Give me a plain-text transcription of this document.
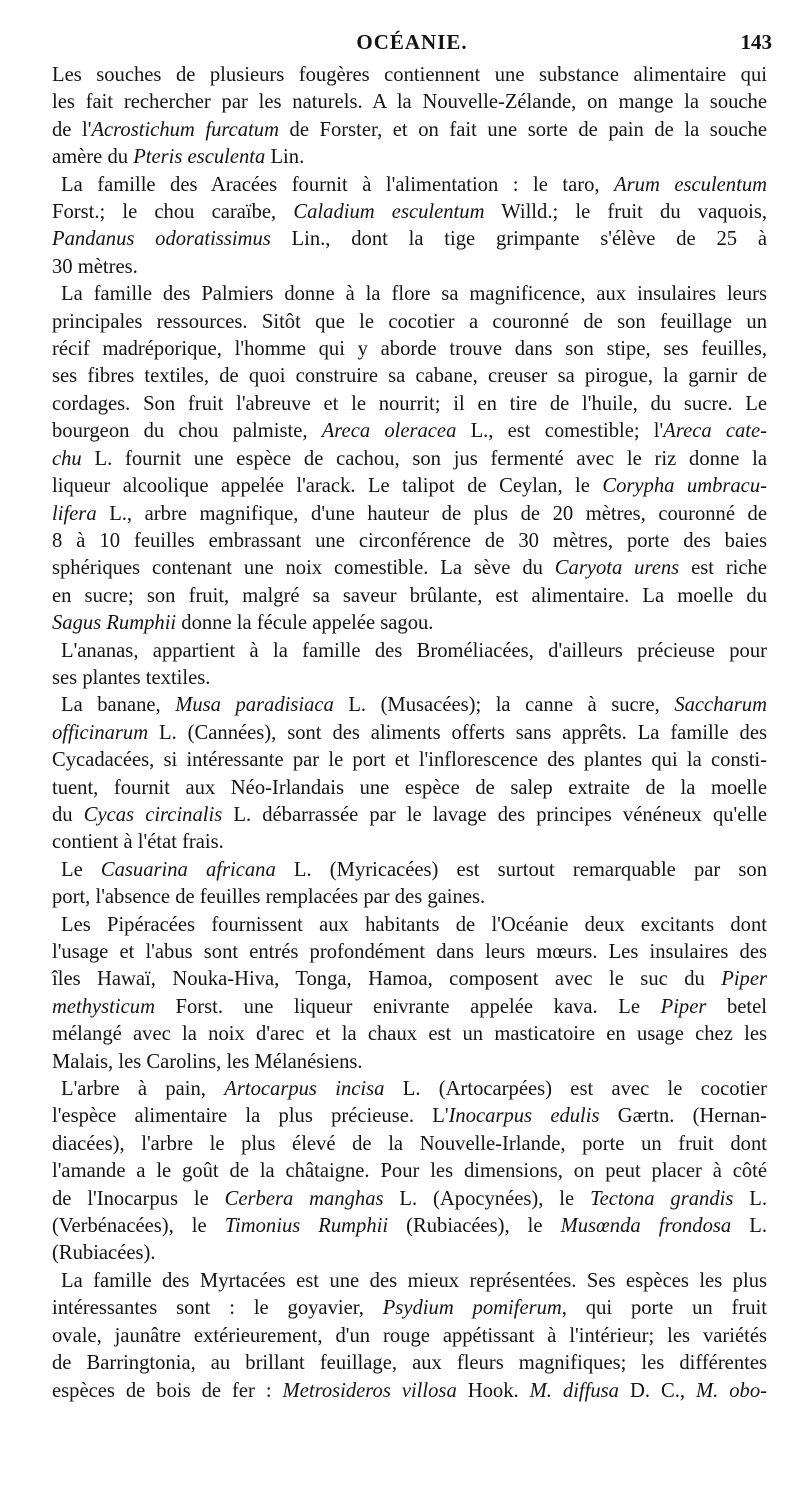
OCÉANIE.	143
Les souches de plusieurs fougères contiennent une substance alimentaire qui
les fait rechercher par les naturels. A la Nouvelle-Zélande, on mange la souche
de l'Acrostichum furcatum de Forster, et on fait une sorte de pain de la souche
amère du Pteris esculenta Lin.
La famille des Aracées fournit à l'alimentation : le taro, Arum esculentum
Forst.; le chou caraïbe, Caladium esculentum Willd.; le fruit du vaquois,
Pandanus odoratissimus Lin., dont la tige grimpante s'élève de 25 à
30 mètres.
La famille des Palmiers donne à la flore sa magnificence, aux insulaires leurs
principales ressources. Sitôt que le cocotier a couronné de son feuillage un
récif madréporique, l'homme qui y aborde trouve dans son stipe, ses feuilles,
ses fibres textiles, de quoi construire sa cabane, creuser sa pirogue, la garnir de
cordages. Son fruit l'abreuve et le nourrit; il en tire de l'huile, du sucre. Le
bourgeon du chou palmiste, Areca oleracea L., est comestible; l'Areca cate-
chu L. fournit une espèce de cachou, son jus fermenté avec le riz donne la
liqueur alcoolique appelée l'arack. Le talipot de Ceylan, le Corypha umbracu-
lifera L., arbre magnifique, d'une hauteur de plus de 20 mètres, couronné de
8 à 10 feuilles embrassant une circonférence de 30 mètres, porte des baies
sphériques contenant une noix comestible. La sève du Caryota urens est riche
en sucre; son fruit, malgré sa saveur brûlante, est alimentaire. La moelle du
Sagus Rumphii donne la fécule appelée sagou.
L'ananas, appartient à la famille des Broméliacées, d'ailleurs précieuse pour
ses plantes textiles.
La banane, Musa paradisiaca L. (Musacées); la canne à sucre, Saccharum
officinarum L. (Cannées), sont des aliments offerts sans apprêts. La famille des
Cycadacées, si intéressante par le port et l'inflorescence des plantes qui la consti-
tuent, fournit aux Néo-Irlandais une espèce de salep extraite de la moelle
du Cycas circinalis L. débarrassée par le lavage des principes vénéneux qu'elle
contient à l'état frais.
Le Casuarina africana L. (Myricacées) est surtout remarquable par son
port, l'absence de feuilles remplacées par des gaines.
Les Pipéracées fournissent aux habitants de l'Océanie deux excitants dont
l'usage et l'abus sont entrés profondément dans leurs mœurs. Les insulaires des
îles Hawaï, Nouka-Hiva, Tonga, Hamoa, composent avec le suc du Piper
methysticum Forst. une liqueur enivrante appelée kava. Le Piper betel
mélangé avec la noix d'arec et la chaux est un masticatoire en usage chez les
Malais, les Carolins, les Mélanésiens.
L'arbre à pain, Artocarpus incisa L. (Artocarpées) est avec le cocotier
l'espèce alimentaire la plus précieuse. L'Inocarpus edulis Gærtn. (Hernan-
diacées), l'arbre le plus élevé de la Nouvelle-Irlande, porte un fruit dont
l'amande a le goût de la châtaigne. Pour les dimensions, on peut placer à côté
de l'Inocarpus le Cerbera manghas L. (Apocynées), le Tectona grandis L.
(Verbénacées), le Timonius Rumphii (Rubiacées), le Musœnda frondosa L.
(Rubiacées).
La famille des Myrtacées est une des mieux représentées. Ses espèces les plus
intéressantes sont : le goyavier, Psydium pomiferum, qui porte un fruit
ovale, jaunâtre extérieurement, d'un rouge appétissant à l'intérieur; les variétés
de Barringtonia, au brillant feuillage, aux fleurs magnifiques; les différentes
espèces de bois de fer : Metrosideros villosa Hook. M. diffusa D. C., M. obo-
